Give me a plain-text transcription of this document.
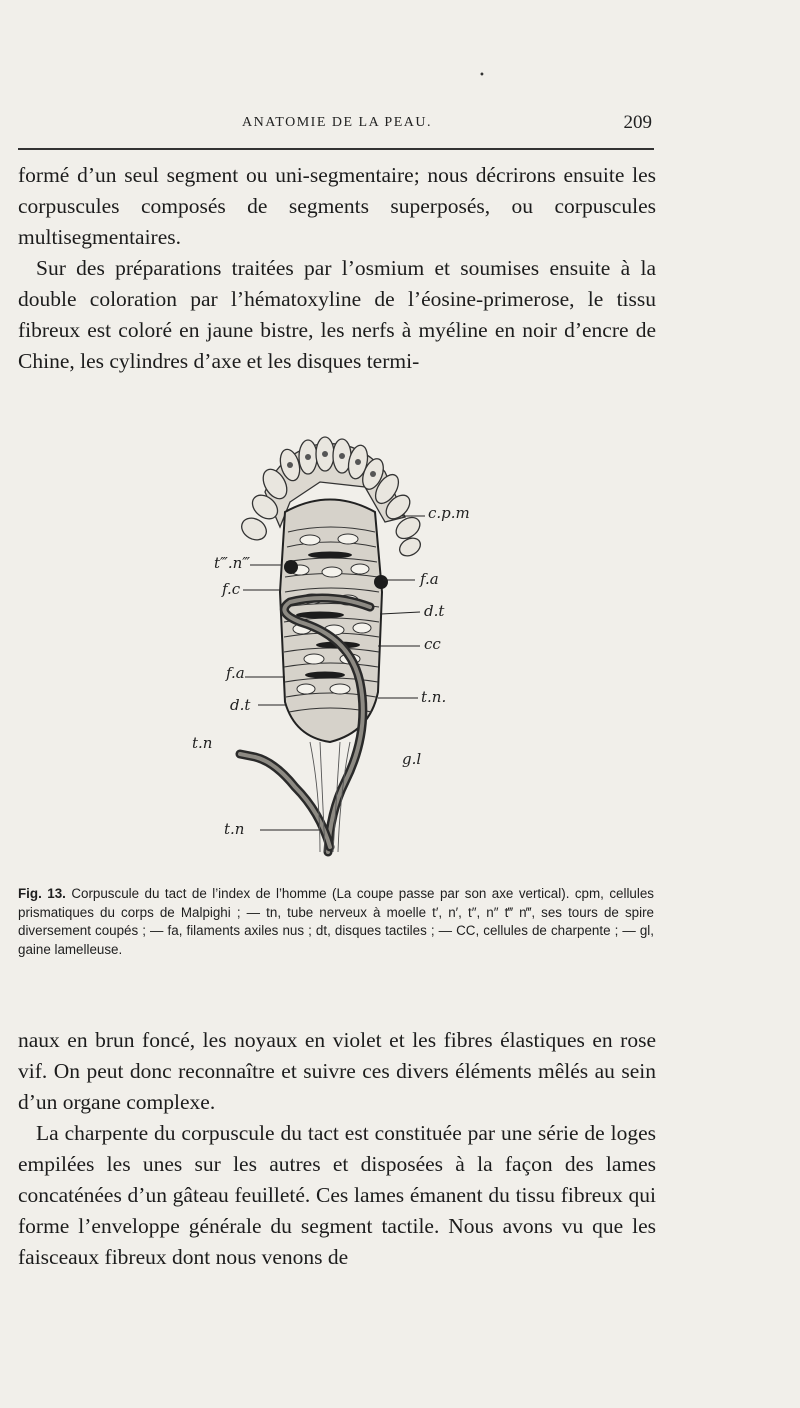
•
ANATOMIE DE LA PEAU.	209

formé d’un seul segment ou uni-segmentaire; nous décrirons ensuite les corpuscules composés de segments superposés, ou corpuscules multisegmentaires.

Sur des préparations traitées par l’osmium et soumises ensuite à la double coloration par l’hématoxyline de l’éosine-primerose, le tissu fibreux est coloré en jaune bistre, les nerfs à myéline en noir d’encre de Chine, les cylindres d’axe et les disques termi-

c.p.m
t‴.n‴
f.c
f.a
d.t
cc
f.a
t.n.
d.t
t.n
g.l
t.n
Fig. 13. Corpuscule du tact de l’index de l’homme (La coupe passe par son axe vertical). cpm, cellules prismatiques du corps de Malpighi ; — tn, tube nerveux à moelle t′, n′, t″, n″ t‴ n‴, ses tours de spire diversement coupés ; — fa, filaments axiles nus ; dt, disques tactiles ; — CC, cellules de charpente ; — gl, gaine lamelleuse.

naux en brun foncé, les noyaux en violet et les fibres élastiques en rose vif. On peut donc reconnaître et suivre ces divers éléments mêlés au sein d’un organe complexe.

La charpente du corpuscule du tact est constituée par une série de loges empilées les unes sur les autres et disposées à la façon des lames concaténées d’un gâteau feuilleté. Ces lames émanent du tissu fibreux qui forme l’enveloppe générale du segment tactile. Nous avons vu que les faisceaux fibreux dont nous venons de
